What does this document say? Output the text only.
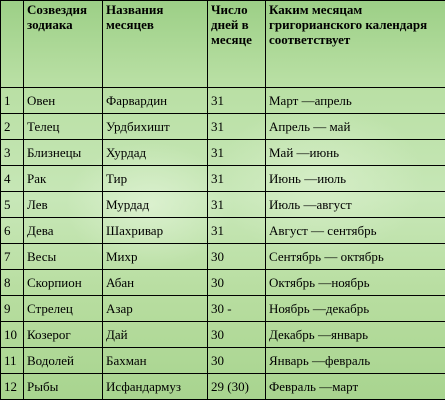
	Созвездия зодиака	Названия месяцев	Число дней в месяце	Каким месяцам григорианского календаря соответствует
1	Овен	Фарвардин	31	Март —апрель
2	Телец	Урдбихишт	31	Апрель — май
3	Близнецы	Хурдад	31	Май —июнь
4	Рак	Тир	31	Июнь —июль
5	Лев	Мурдад	31	Июль —август
6	Дева	Шахривар	31	Август — сентябрь
7	Весы	Михр	30	Сентябрь — октябрь
8	Скорпион	Абан	30	Октябрь —ноябрь
9	Стрелец	Азар	30 -	Ноябрь —декабрь
10	Козерог	Дай	30	Декабрь —январь
11	Водолей	Бахман	30	Январь —февраль
12	Рыбы	Исфандармуз	29 (30)	Февраль —март
